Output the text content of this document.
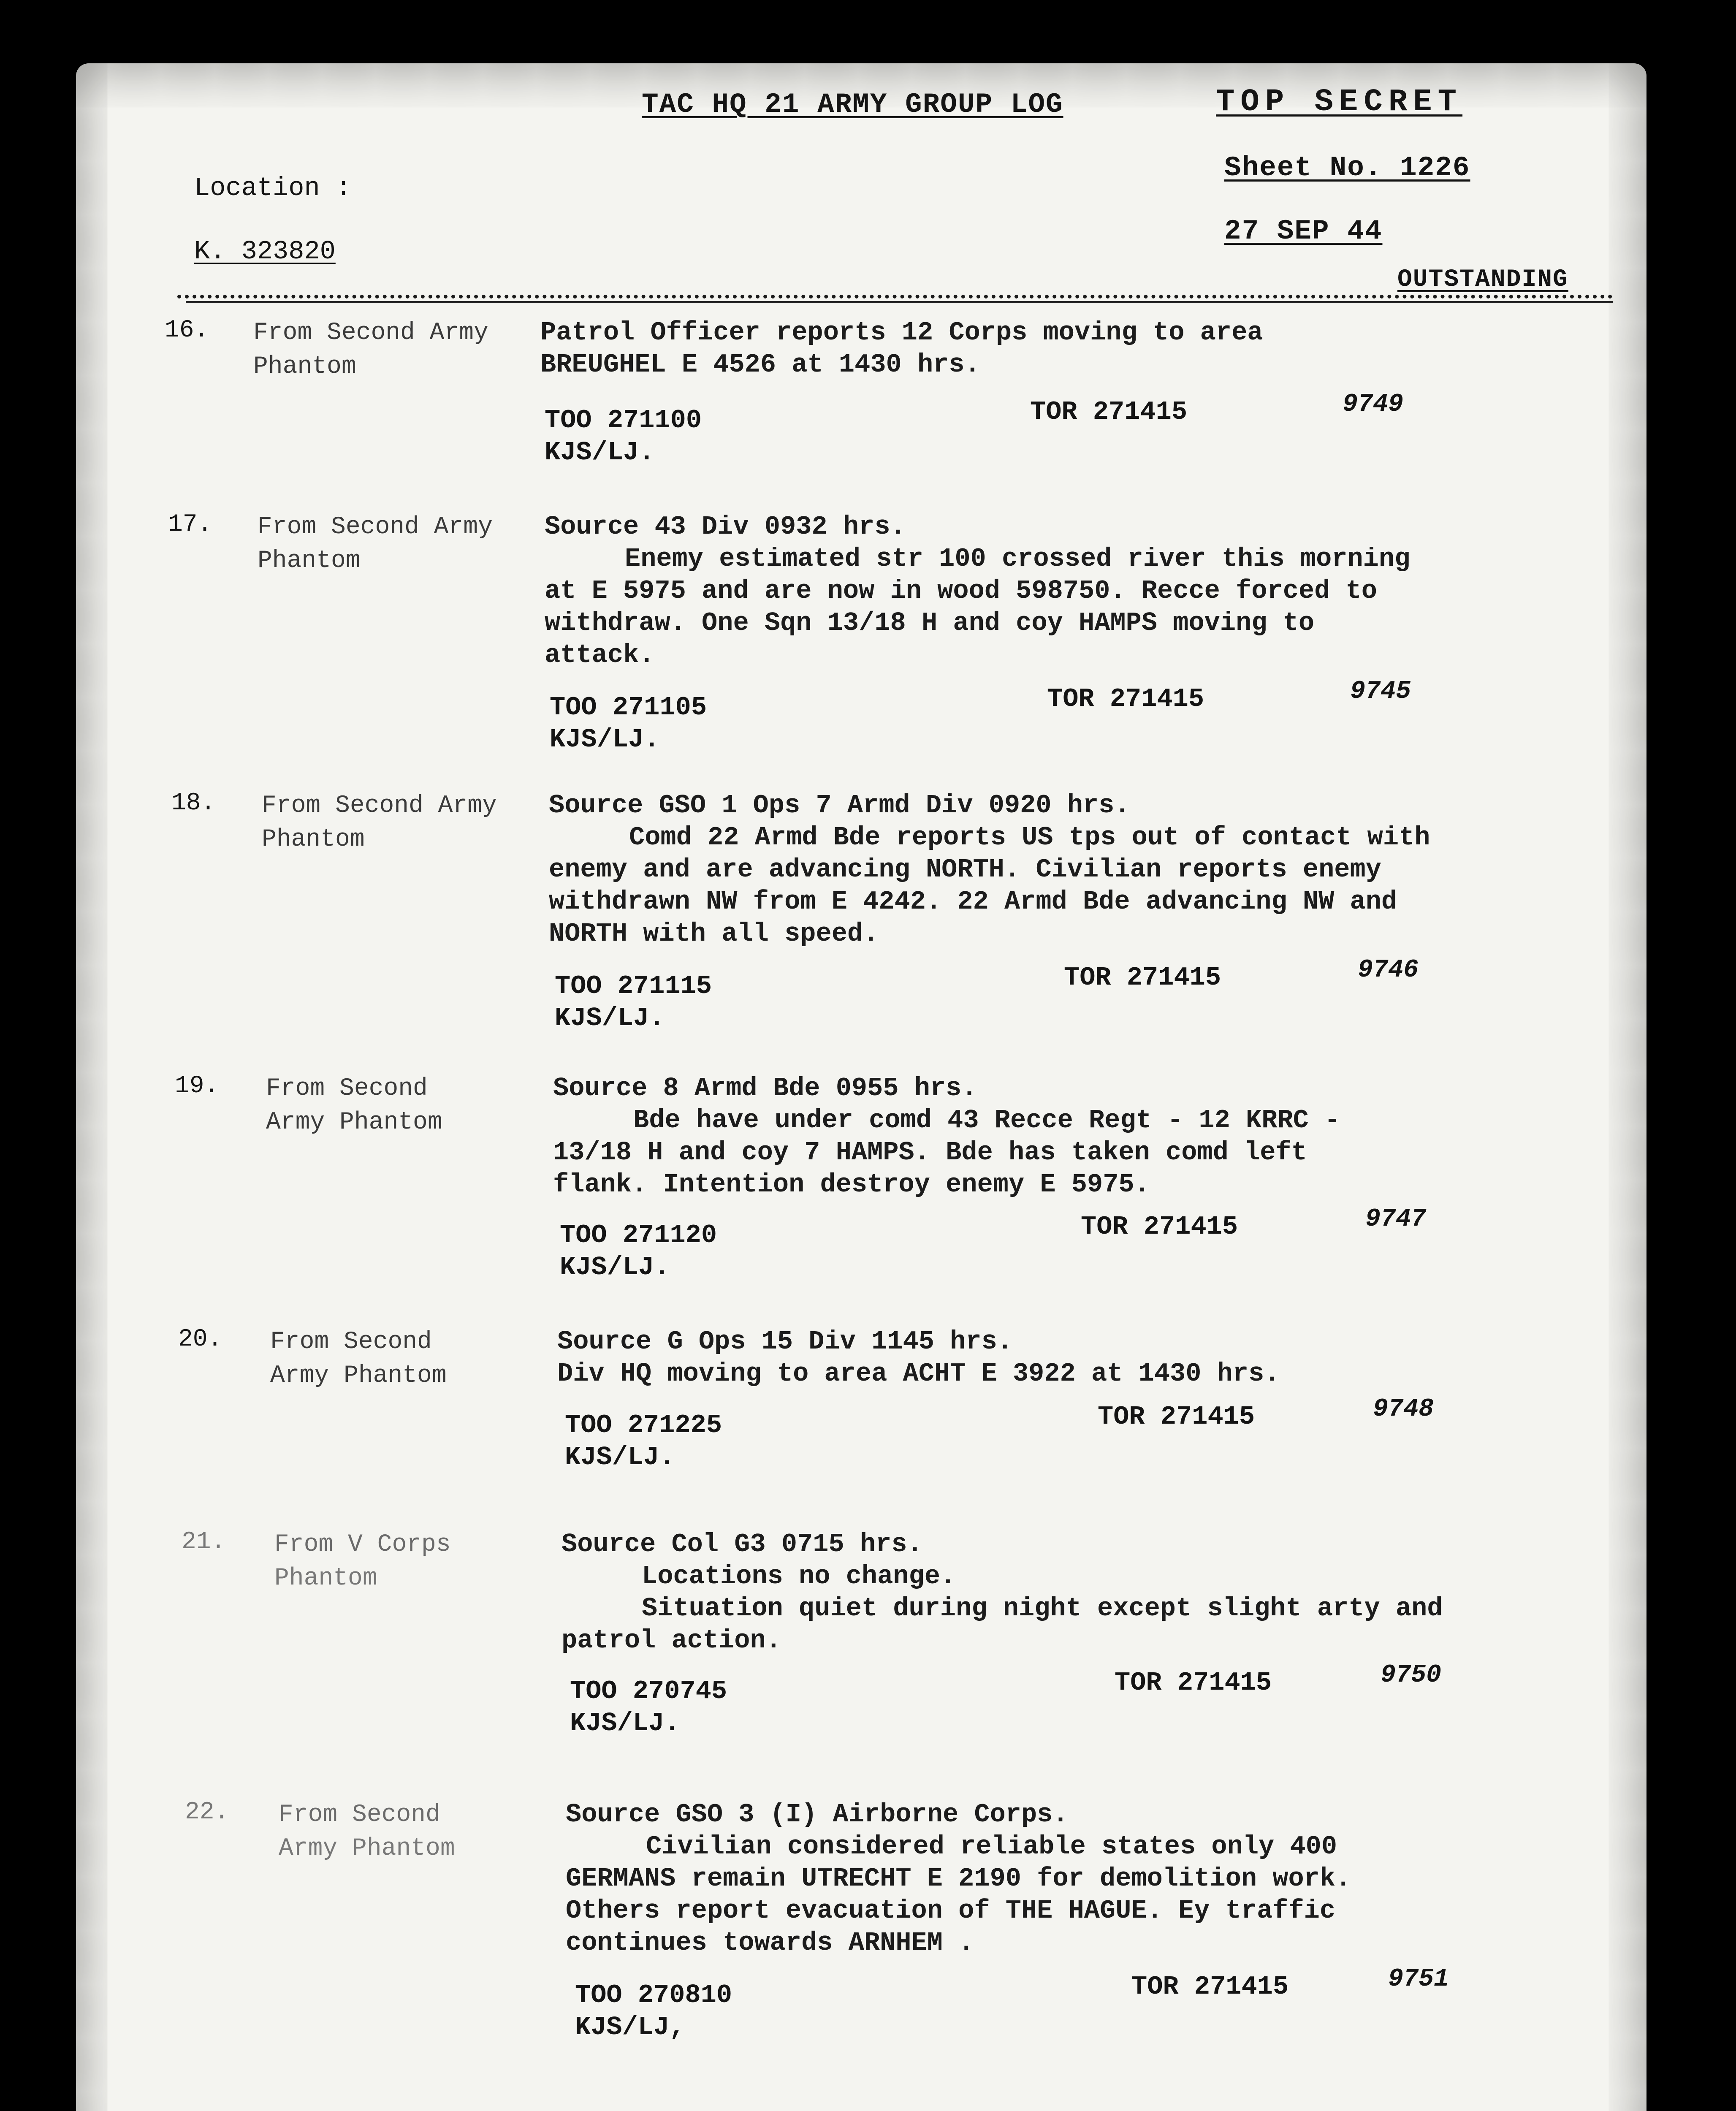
TAC HQ 21 ARMY GROUP LOG	TOP SECRET
Sheet No. 1226
Location :
K. 323820
27 SEP 44
OUTSTANDING
16. From Second Army
Phantom
Patrol Officer reports 12 Corps moving to area
BREUGHEL E 4526 at 1430 hrs.
TOO 271100
KJS/LJ.
TOR 271415	9749
17. From Second Army
Phantom
Source 43 Div 0932 hrs.
Enemy estimated str 100 crossed river this morning
at E 5975 and are now in wood 598750. Recce forced to
withdraw. One Sqn 13/18 H and coy HAMPS moving to
attack.
TOO 271105
KJS/LJ.
TOR 271415	9745
18. From Second Army
Phantom
Source GSO 1 Ops 7 Armd Div 0920 hrs.
Comd 22 Armd Bde reports US tps out of contact with
enemy and are advancing NORTH. Civilian reports enemy
withdrawn NW from E 4242. 22 Armd Bde advancing NW and
NORTH with all speed.
TOO 271115
KJS/LJ.
TOR 271415	9746
19. From Second
Army Phantom
Source 8 Armd Bde 0955 hrs.
Bde have under comd 43 Recce Regt - 12 KRRC -
13/18 H and coy 7 HAMPS. Bde has taken comd left
flank. Intention destroy enemy E 5975.
TOO 271120
KJS/LJ.
TOR 271415	9747
20. From Second
Army Phantom
Source G Ops 15 Div 1145 hrs.
Div HQ moving to area ACHT E 3922 at 1430 hrs.
TOO 271225
KJS/LJ.
TOR 271415	9748
21. From V Corps
Phantom
Source Col G3 0715 hrs.
Locations no change.
Situation quiet during night except slight arty and
patrol action.
TOO 270745
KJS/LJ.
TOR 271415	9750
22. From Second
Army Phantom
Source GSO 3 (I) Airborne Corps.
Civilian considered reliable states only 400
GERMANS remain UTRECHT E 2190 for demolition work.
Others report evacuation of THE HAGUE. Ey traffic
continues towards ARNHEM .
TOO 270810
KJS/LJ,
TOR 271415	9751
